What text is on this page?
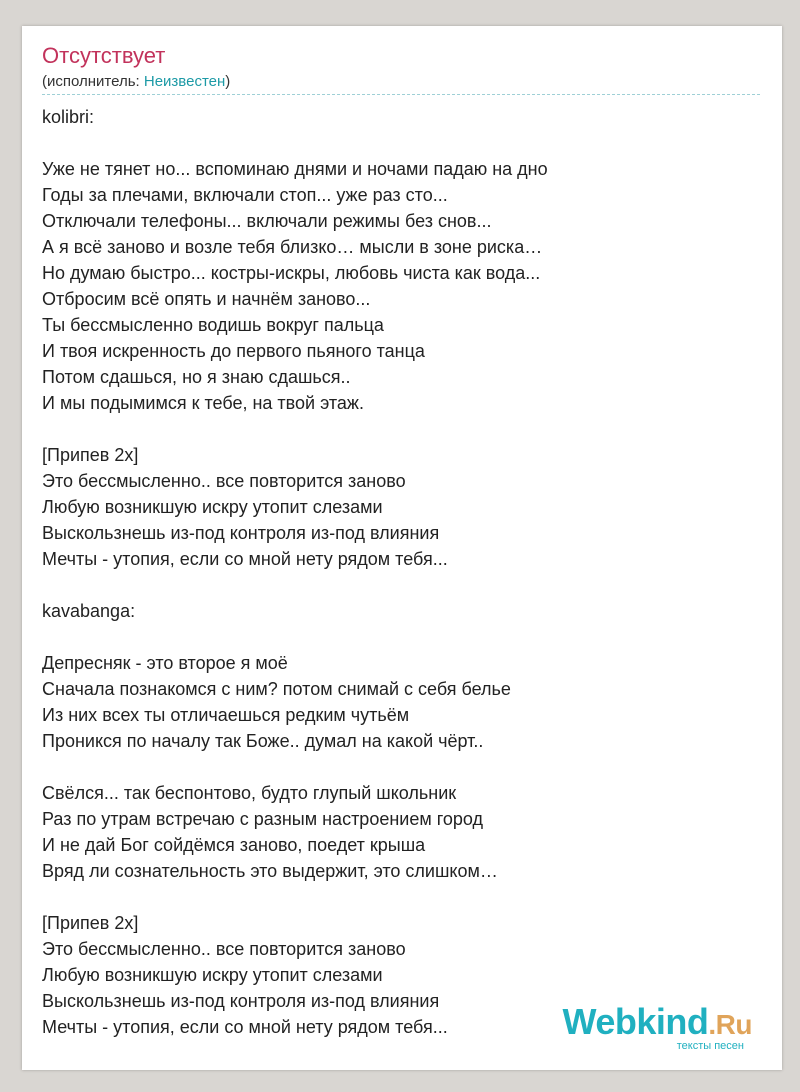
Отсутствует
(исполнитель: Неизвестен)
kolibri:
Уже не тянет но... вспоминаю днями и ночами падаю на дно
Годы за плечами, включали стоп... уже раз сто...
Отключали телефоны... включали режимы без снов...
А я всё заново и возле тебя близко… мысли в зоне риска…
Но думаю быстро... костры-искры, любовь чиста как вода...
Отбросим всё опять и начнём заново...
Ты бессмысленно водишь вокруг пальца
И твоя искренность до первого пьяного танца
Потом сдашься, но я знаю сдашься..
И мы подымимся к тебе, на твой этаж.
[Припев 2x]
Это бессмысленно.. все повторится заново
Любую возникшую искру утопит слезами
Выскользнешь из-под контроля из-под влияния
Мечты - утопия, если со мной нету рядом тебя...
kavabanga:
Депресняк - это второе я моё
Сначала познакомся с ним? потом снимай с себя белье
Из них всех ты отличаешься редким чутьём
Проникся по началу так Боже.. думал на какой чёрт..
Свёлся... так беспонтово, будто глупый школьник
Раз по утрам встречаю с разным настроением город
И не дай Бог сойдёмся заново, поедет крыша
Вряд ли сознательность это выдержит, это слишком…
[Припев 2x]
Это бессмысленно.. все повторится заново
Любую возникшую искру утопит слезами
Выскользнешь из-под контроля из-под влияния
Мечты - утопия, если со мной нету рядом тебя...	Webkind.Ru
тексты песен
